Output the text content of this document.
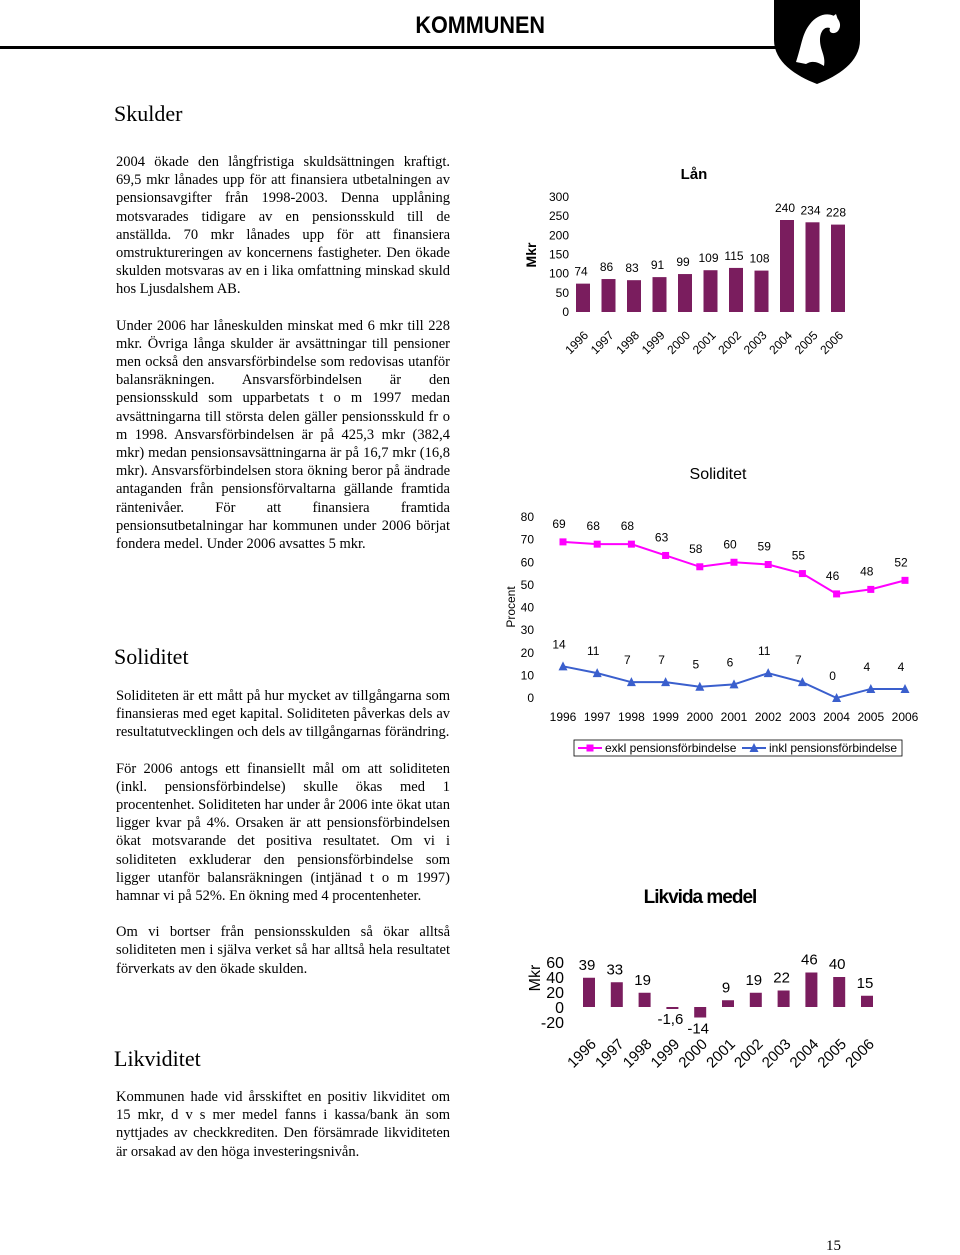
KOMMUNEN
Skulder

2004 ökade den långfristiga skuldsättningen kraftigt. 69,5 mkr lånades upp för att finansiera utbetalningen av pensionsavgifter från 1998-2003. Denna upplåning motsvarades tidigare av en pensionsskuld till de anställda. 70 mkr lånades upp för att finansiera omstruktureringen av koncernens fastigheter. Den ökade skulden motsvaras av en i lika omfattning minskad skuld hos Ljusdalshem AB.

Under 2006 har låneskulden minskat med 6 mkr till 228 mkr. Övriga långa skulder är avsättningar till pensioner men också den ansvarsförbindelse som redovisas utanför balansräkningen. Ansvarsförbindelsen är den pensionsskuld som upparbetats t o m 1997 medan avsättningarna till största delen gäller pensionsskuld fr o m 1998. Ansvarsförbindelsen är på 425,3 mkr (382,4 mkr) medan pensionsavsättningarna är på 16,7 mkr (16,8 mkr). Ansvarsförbindelsen stora ökning beror på ändrade antaganden från pensionsförvaltarna gällande framtida räntenivåer. För att finansiera framtida pensionsutbetalningar har kommunen under 2006 börjat fondera medel. Under 2006 avsattes 5 mkr.

Soliditet

Soliditeten är ett mått på hur mycket av tillgångarna som finansieras med eget kapital. Soliditeten påverkas dels av resultatutvecklingen och dels av tillgångarnas förändring.

För 2006 antogs ett finansiellt mål om att soliditeten (inkl. pensionsförbindelse) skulle ökas med 1 procentenhet. Soliditeten har under år 2006 inte ökat utan ligger kvar på 4%. Orsaken är att pensionsförbindelsen ökat motsvarande det positiva resultatet. Om vi i soliditeten exkluderar den pensionsförbindelse som ligger utanför balansräkningen (intjänad t o m 1997) hamnar vi på 52%. En ökning med 4 procentenheter.

Om vi bortser från pensionsskulden så ökar alltså soliditeten men i själva verket så har alltså hela resultatet förverkats av den ökade skulden.

Likviditet

Kommunen hade vid årsskiftet en positiv likviditet om 15 mkr, d v s mer medel fanns i kassa/bank än som nyttjades av checkkrediten. Den försämrade likviditeten är orsakad av den höga investeringsnivån.

Lån
Mkr
300
250
200
150
100
50
0
74
1996
86
1997
83
1998
91
1999
99
2000
109
2001
115
2002
108
2003
240
2004
234
2005
228
2006
Soliditet
Procent
80
70
60
50
40
30
20
10
0
1996 1997 1998 1999 2000 2001 2002 2003 2004 2005 2006
69 68 68
63
58 60 59
55
46 48
52
14 11
7 7 5 6
11
7
0
4 4
exkl pensionsförbindelse	inkl pensionsförbindelse
Likvida medel
Mkr
60
40
20
0
-20
39
1996
33
1997
19
1998
-1,6
1999
-14
2000
9
2001
19
2002
22
2003
46
2004
40
2005
15
2006
15
